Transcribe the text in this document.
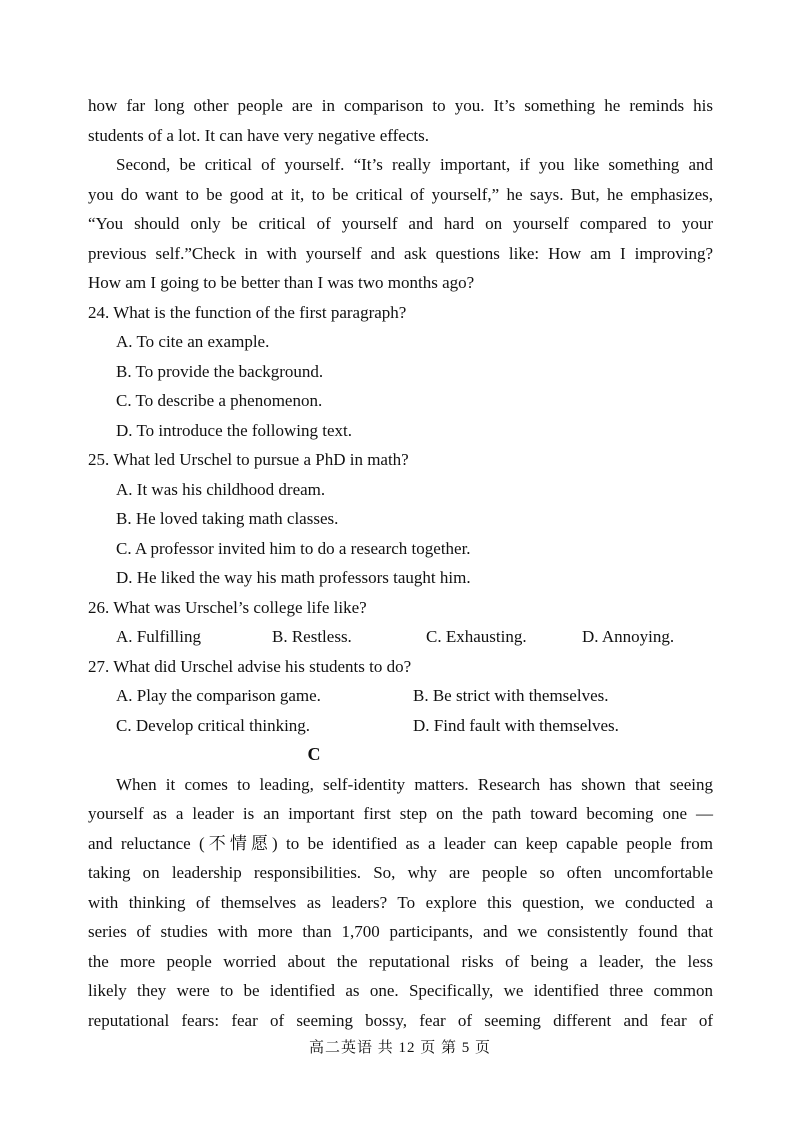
how far long other people are in comparison to you. It’s something he reminds his
students of a lot. It can have very negative effects.
Second, be critical of yourself. “It’s really important, if you like something and
you do want to be good at it, to be critical of yourself,” he says. But, he emphasizes,
“You should only be critical of yourself and hard on yourself compared to your
previous self.”Check in with yourself and ask questions like: How am I improving?
How am I going to be better than I was two months ago?
24. What is the function of the first paragraph?
A. To cite an example.
B. To provide the background.
C. To describe a phenomenon.
D. To introduce the following text.
25. What led Urschel to pursue a PhD in math?
A. It was his childhood dream.
B. He loved taking math classes.
C. A professor invited him to do a research together.
D. He liked the way his math professors taught him.
26. What was Urschel’s college life like?
A. Fulfilling	B. Restless.	C. Exhausting.	D. Annoying.
27. What did Urschel advise his students to do?
A. Play the comparison game.	B. Be strict with themselves.
C. Develop critical thinking.	D. Find fault with themselves.
C
When it comes to leading, self-identity matters. Research has shown that seeing
yourself as a leader is an important first step on the path toward becoming one —
and reluctance (不情愿) to be identified as a leader can keep capable people from
taking on leadership responsibilities. So, why are people so often uncomfortable
with thinking of themselves as leaders? To explore this question, we conducted a
series of studies with more than 1,700 participants, and we consistently found that
the more people worried about the reputational risks of being a leader, the less
likely they were to be identified as one. Specifically, we identified three common
reputational fears: fear of seeming bossy, fear of seeming different and fear of
高二英语 共 12 页 第 5 页
